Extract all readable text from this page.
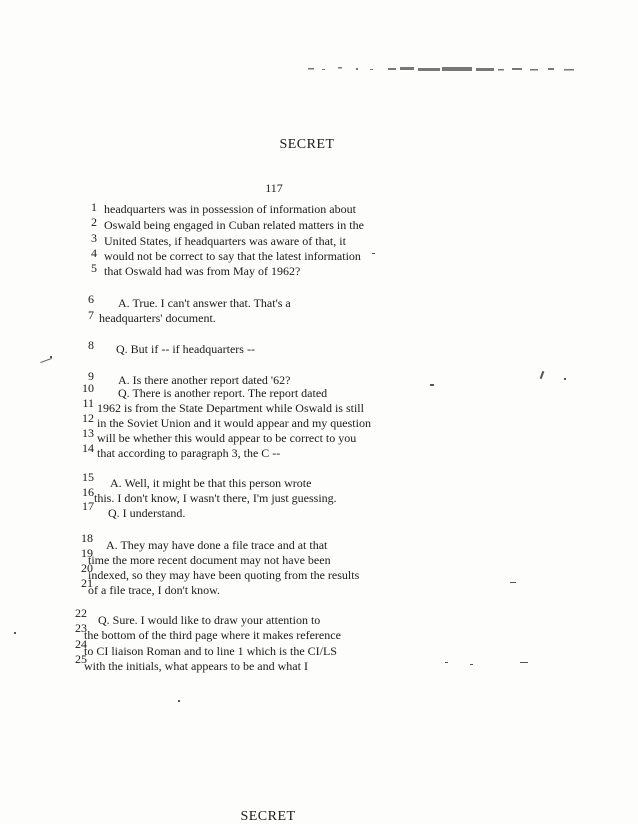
SECRET
117
1 headquarters was in possession of information about
2 Oswald being engaged in Cuban related matters in the
3 United States, if headquarters was aware of that, it
4 would not be correct to say that the latest information
5 that Oswald had was from May of 1962?
6 A. True. I can't answer that. That's a
7 headquarters' document.
8 Q. But if -- if headquarters --
9 A. Is there another report dated '62?
10 Q. There is another report. The report dated
11 1962 is from the State Department while Oswald is still
12 in the Soviet Union and it would appear and my question
13 will be whether this would appear to be correct to you
14 that according to paragraph 3, the C --
15 A. Well, it might be that this person wrote
16 this. I don't know, I wasn't there, I'm just guessing.
17 Q. I understand.
18 A. They may have done a file trace and at that
19
time the more recent document may not have been
20
indexed, so they may have been quoting from the results
21
of a file trace, I don't know.
22 Q. Sure. I would like to draw your attention to
23
the bottom of the third page where it makes reference
24
to CI liaison Roman and to line 1 which is the CI/LS
25
with the initials, what appears to be and what I
SECRET
